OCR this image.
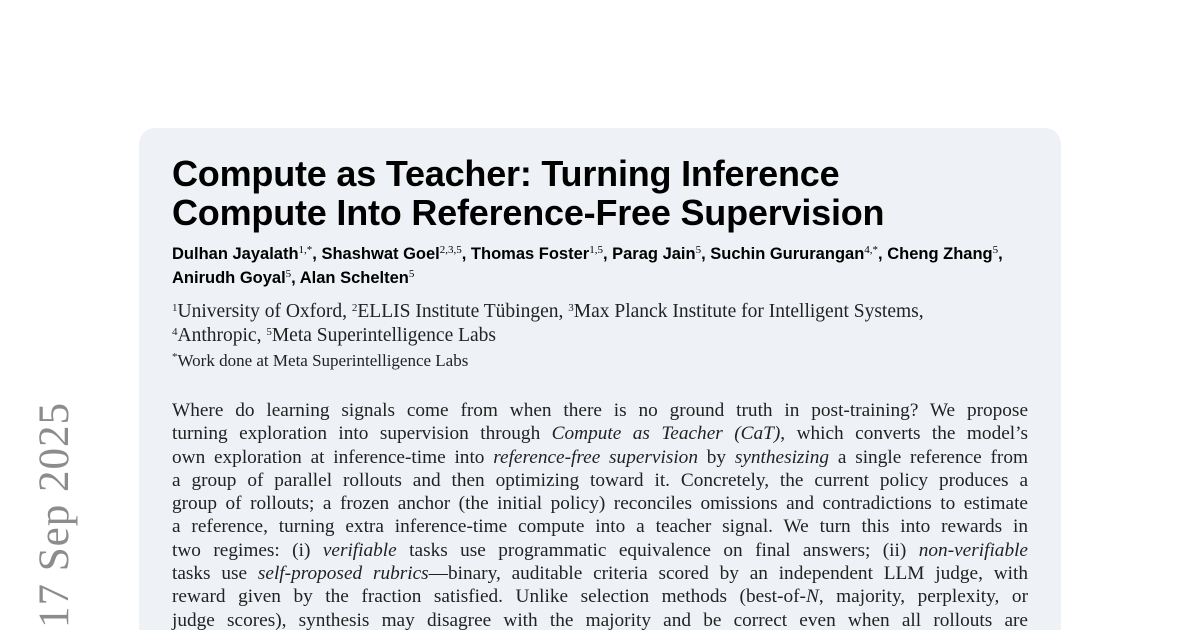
17 Sep 2025
Compute as Teacher: Turning Inference
Compute Into Reference-Free Supervision
Dulhan Jayalath$^{1,*}$, Shashwat Goel$^{2,3,5}$, Thomas Foster$^{1,5}$, Parag Jain$^5$, Suchin Gururangan$^{4,*}$, Cheng Zhang$^5$, Anirudh Goyal$^5$, Alan Schelten$^5$
$^1$University of Oxford, $^2$ELLIS Institute Tübingen, $^3$Max Planck Institute for Intelligent Systems,
$^4$Anthropic, $^5$Meta Superintelligence Labs
*Work done at Meta Superintelligence Labs
Where do learning signals come from when there is no ground truth in post-training? We propose
turning exploration into supervision through Compute as Teacher (CaT), which converts the model’s
own exploration at inference-time into reference-free supervision by synthesizing a single reference from
a group of parallel rollouts and then optimizing toward it. Concretely, the current policy produces a
group of rollouts; a frozen anchor (the initial policy) reconciles omissions and contradictions to estimate
a reference, turning extra inference-time compute into a teacher signal. We turn this into rewards in
two regimes: (i) verifiable tasks use programmatic equivalence on final answers; (ii) non-verifiable
tasks use self-proposed rubrics—binary, auditable criteria scored by an independent LLM judge, with
reward given by the fraction satisfied. Unlike selection methods (best-of-N, majority, perplexity, or
judge scores), synthesis may disagree with the majority and be correct even when all rollouts are
